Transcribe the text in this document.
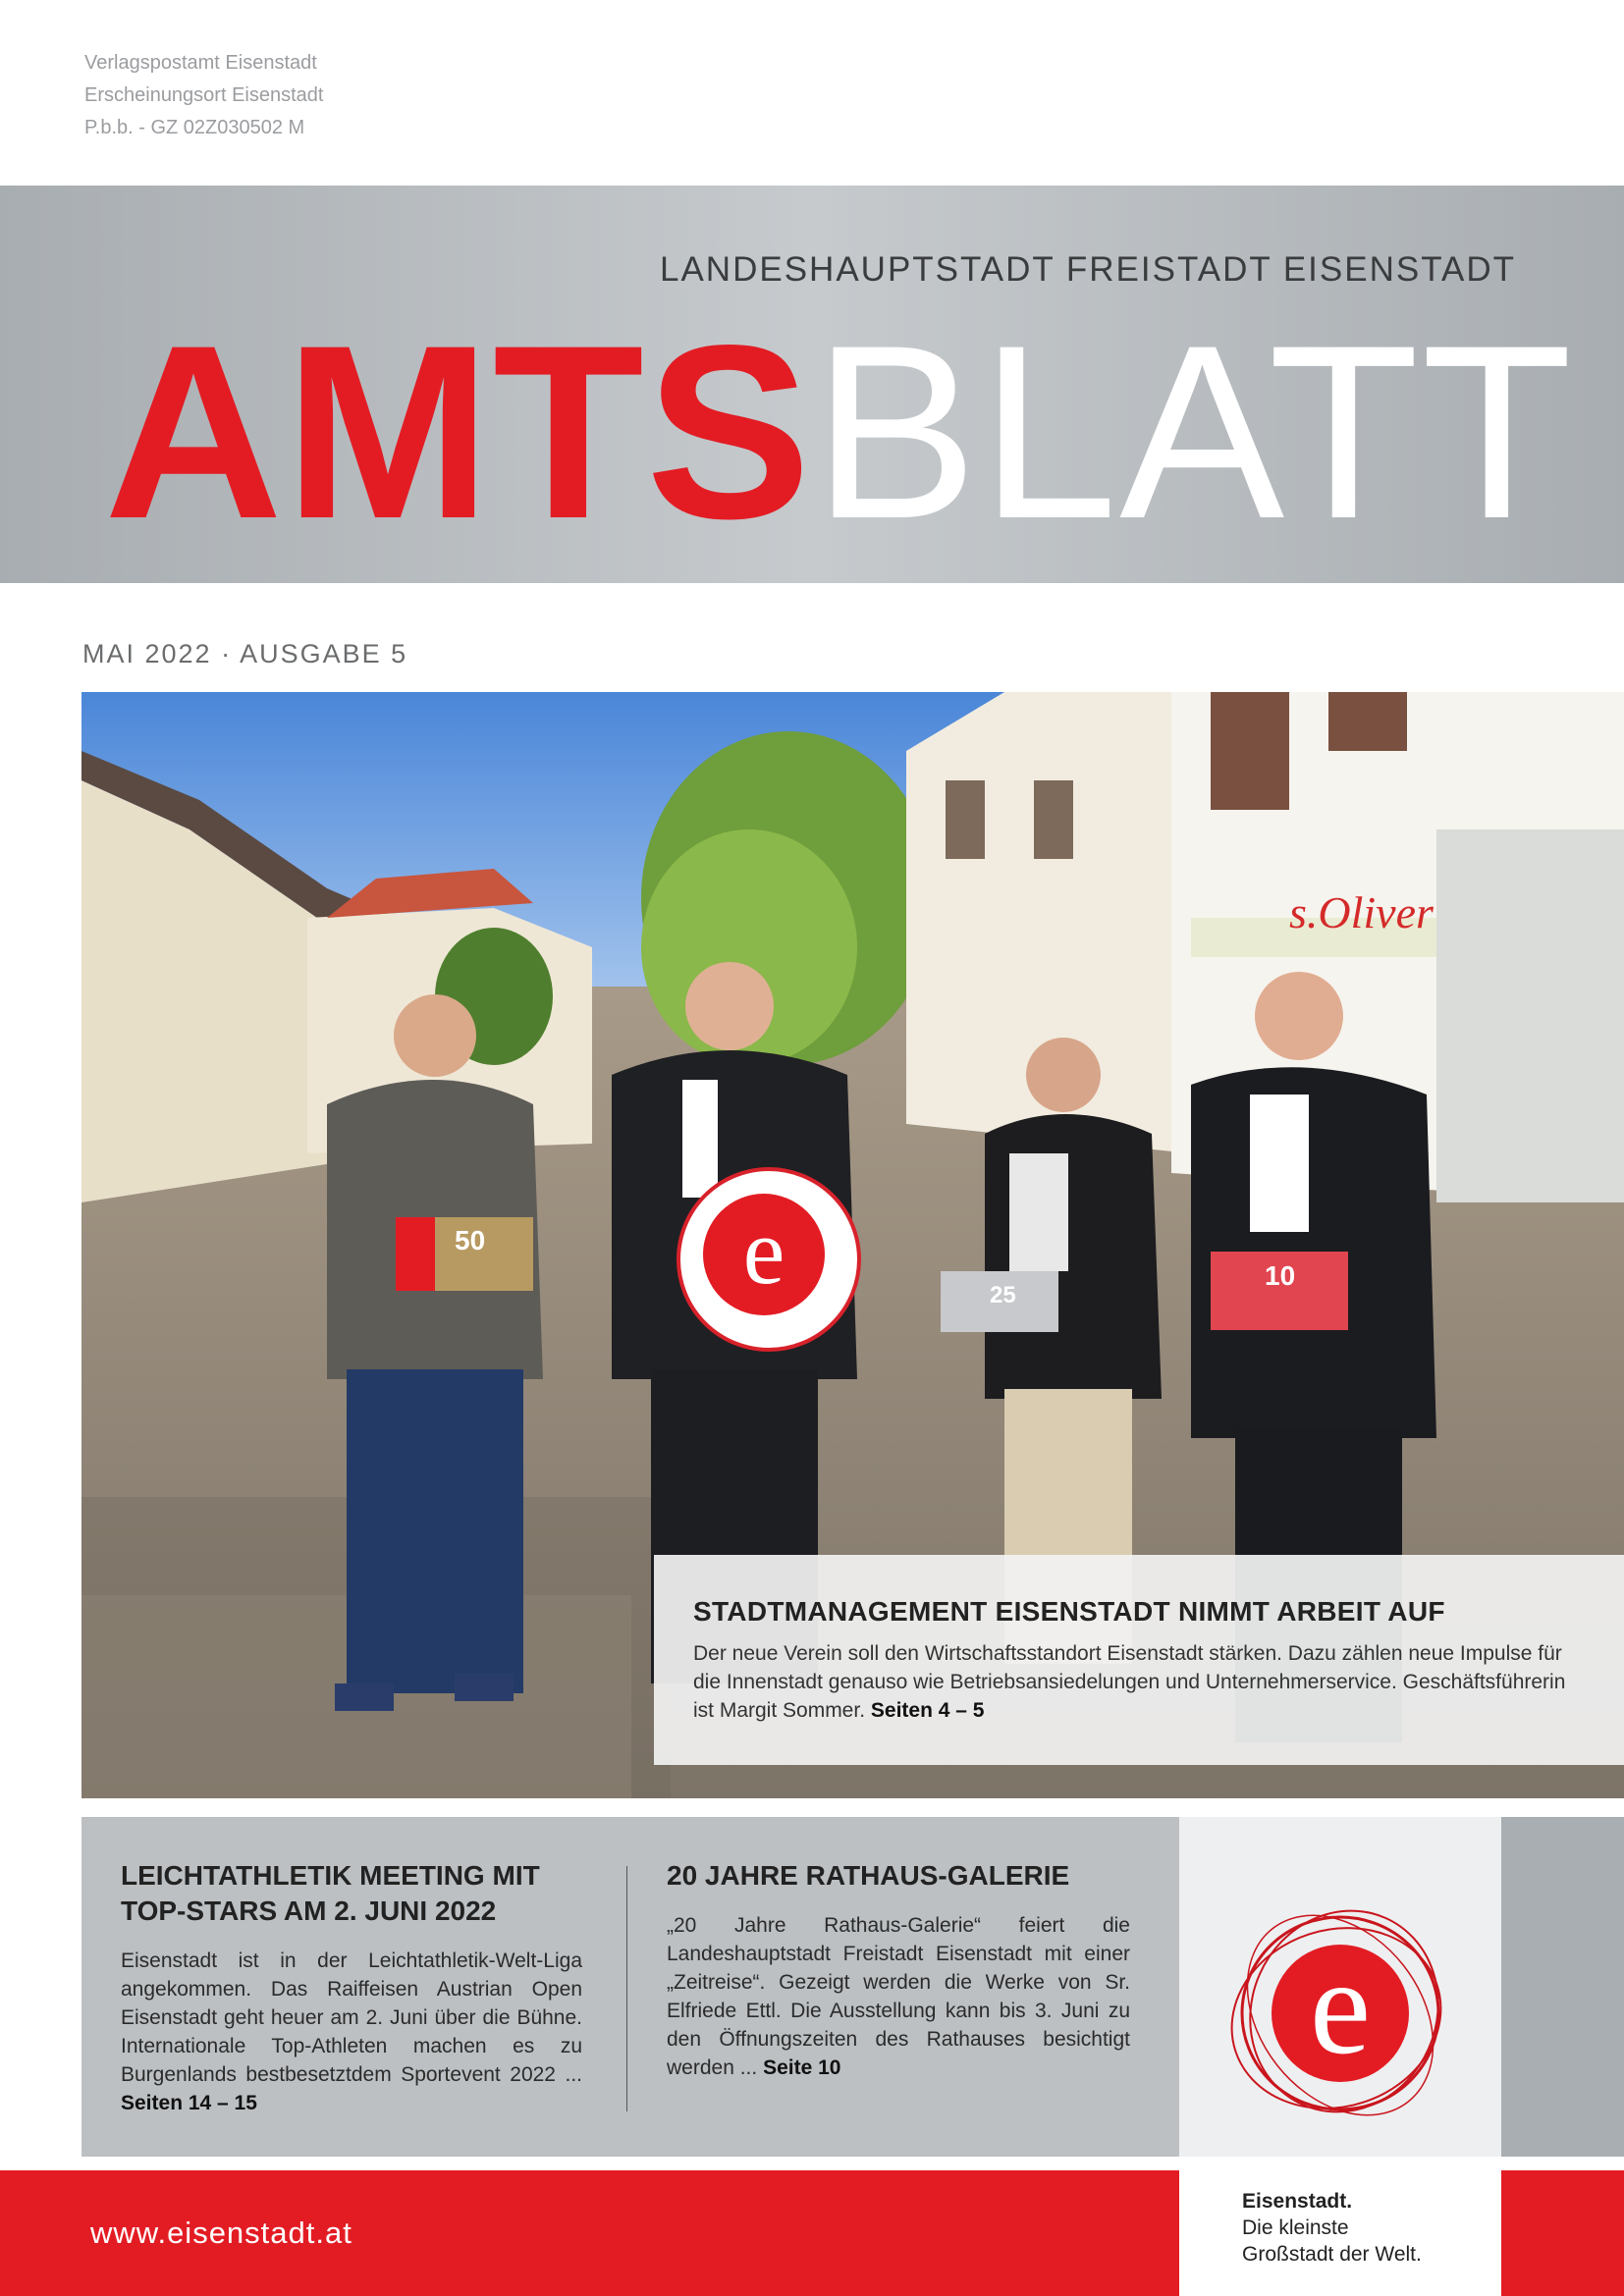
Verlagspostamt Eisenstadt
Erscheinungsort Eisenstadt
P.b.b. - GZ 02Z030502 M
LANDESHAUPTSTADT FREISTADT EISENSTADT
AMTSBLATT
MAI 2022 · AUSGABE 5
s.Oliver
50
25
10
e
STADTMANAGEMENT EISENSTADT NIMMT ARBEIT AUF

Der neue Verein soll den Wirtschaftsstandort Eisenstadt stärken. Dazu zählen neue Impulse für die Innenstadt genauso wie Betriebsansiedelungen und Unternehmerservice. Geschäftsführerin ist Margit Sommer. Seiten 4 – 5

LEICHTATHLETIK MEETING MIT TOP-STARS AM 2. JUNI 2022

Eisenstadt ist in der Leichtathletik-Welt-Liga angekommen. Das Raiffeisen Austrian Open Eisenstadt geht heuer am 2. Juni über die Bühne. Internationale Top-Athleten machen es zu Burgenlands bestbesetztdem Sportevent 2022 ... Seiten 14 – 15

20 JAHRE RATHAUS-GALERIE

„20 Jahre Rathaus-Galerie“ feiert die Landeshauptstadt Freistadt Eisenstadt mit einer „Zeitreise“. Gezeigt werden die Werke von Sr. Elfriede Ettl. Die Ausstellung kann bis 3. Juni zu den Öffnungszeiten des Rathauses besichtigt werden ... Seite 10	e
www.eisenstadt.at
Eisenstadt.
Die kleinste
Großstadt der Welt.
